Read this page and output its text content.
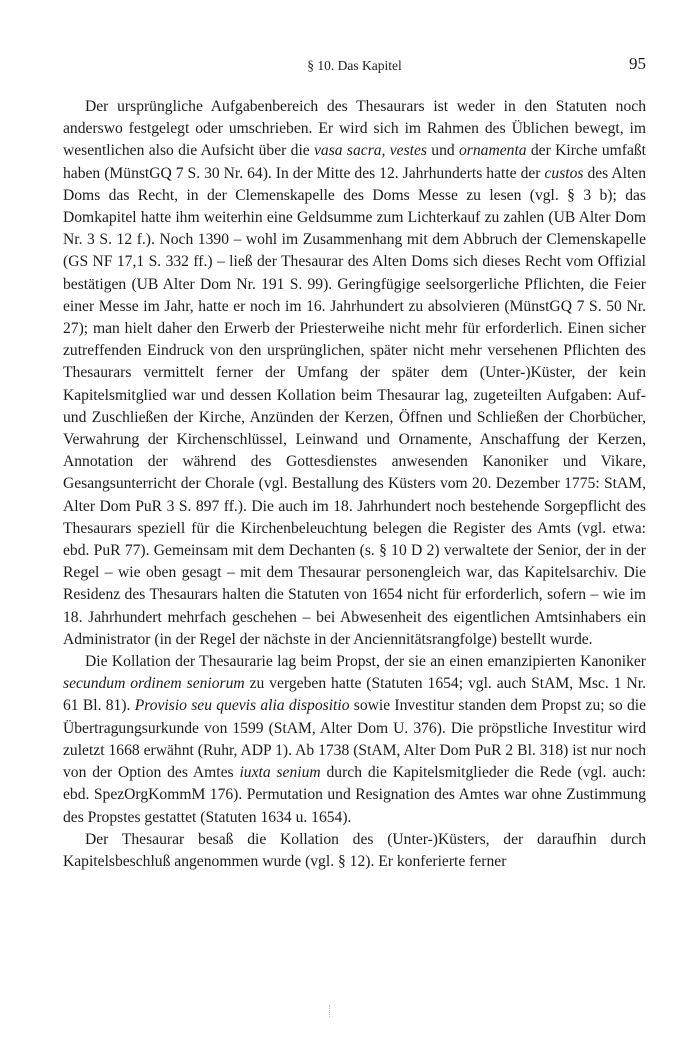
§ 10. Das Kapitel	95

Der ursprüngliche Aufgabenbereich des Thesaurars ist weder in den Statuten noch anderswo festgelegt oder umschrieben. Er wird sich im Rahmen des Üblichen bewegt, im wesentlichen also die Aufsicht über die vasa sacra, vestes und ornamenta der Kirche umfaßt haben (MünstGQ 7 S. 30 Nr. 64). In der Mitte des 12. Jahrhunderts hatte der custos des Alten Doms das Recht, in der Clemenskapelle des Doms Messe zu lesen (vgl. § 3 b); das Domkapitel hatte ihm weiterhin eine Geldsumme zum Lichterkauf zu zahlen (UB Alter Dom Nr. 3 S. 12 f.). Noch 1390 – wohl im Zusammenhang mit dem Abbruch der Clemenskapelle (GS NF 17,1 S. 332 ff.) – ließ der Thesaurar des Alten Doms sich dieses Recht vom Offizial bestätigen (UB Alter Dom Nr. 191 S. 99). Geringfügige seelsorgerliche Pflichten, die Feier einer Messe im Jahr, hatte er noch im 16. Jahrhundert zu absolvieren (MünstGQ 7 S. 50 Nr. 27); man hielt daher den Erwerb der Priesterweihe nicht mehr für erforderlich. Einen sicher zutreffenden Eindruck von den ursprünglichen, später nicht mehr versehenen Pflichten des Thesaurars vermittelt ferner der Umfang der später dem (Unter-)Küster, der kein Kapitelsmitglied war und dessen Kollation beim Thesaurar lag, zugeteilten Aufgaben: Auf- und Zuschließen der Kirche, Anzünden der Kerzen, Öffnen und Schließen der Chorbücher, Verwahrung der Kirchenschlüssel, Leinwand und Ornamente, Anschaffung der Kerzen, Annotation der während des Gottesdienstes anwesenden Kanoniker und Vikare, Gesangsunterricht der Chorale (vgl. Bestallung des Küsters vom 20. Dezember 1775: StAM, Alter Dom PuR 3 S. 897 ff.). Die auch im 18. Jahrhundert noch bestehende Sorgepflicht des Thesaurars speziell für die Kirchenbeleuchtung belegen die Register des Amts (vgl. etwa: ebd. PuR 77). Gemeinsam mit dem Dechanten (s. § 10 D 2) verwaltete der Senior, der in der Regel – wie oben gesagt – mit dem Thesaurar personengleich war, das Kapitelsarchiv. Die Residenz des Thesaurars halten die Statuten von 1654 nicht für erforderlich, sofern – wie im 18. Jahrhundert mehrfach geschehen – bei Abwesenheit des eigentlichen Amtsinhabers ein Administrator (in der Regel der nächste in der Anciennitätsrangfolge) bestellt wurde.

Die Kollation der Thesaurarie lag beim Propst, der sie an einen emanzipierten Kanoniker secundum ordinem seniorum zu vergeben hatte (Statuten 1654; vgl. auch StAM, Msc. 1 Nr. 61 Bl. 81). Provisio seu quevis alia dispositio sowie Investitur standen dem Propst zu; so die Übertragungsurkunde von 1599 (StAM, Alter Dom U. 376). Die pröpstliche Investitur wird zuletzt 1668 erwähnt (Ruhr, ADP 1). Ab 1738 (StAM, Alter Dom PuR 2 Bl. 318) ist nur noch von der Option des Amtes iuxta senium durch die Kapitelsmitglieder die Rede (vgl. auch: ebd. SpezOrgKommM 176). Permutation und Resignation des Amtes war ohne Zustimmung des Propstes gestattet (Statuten 1634 u. 1654).

Der Thesaurar besaß die Kollation des (Unter-)Küsters, der daraufhin durch Kapitelsbeschluß angenommen wurde (vgl. § 12). Er konferierte ferner
